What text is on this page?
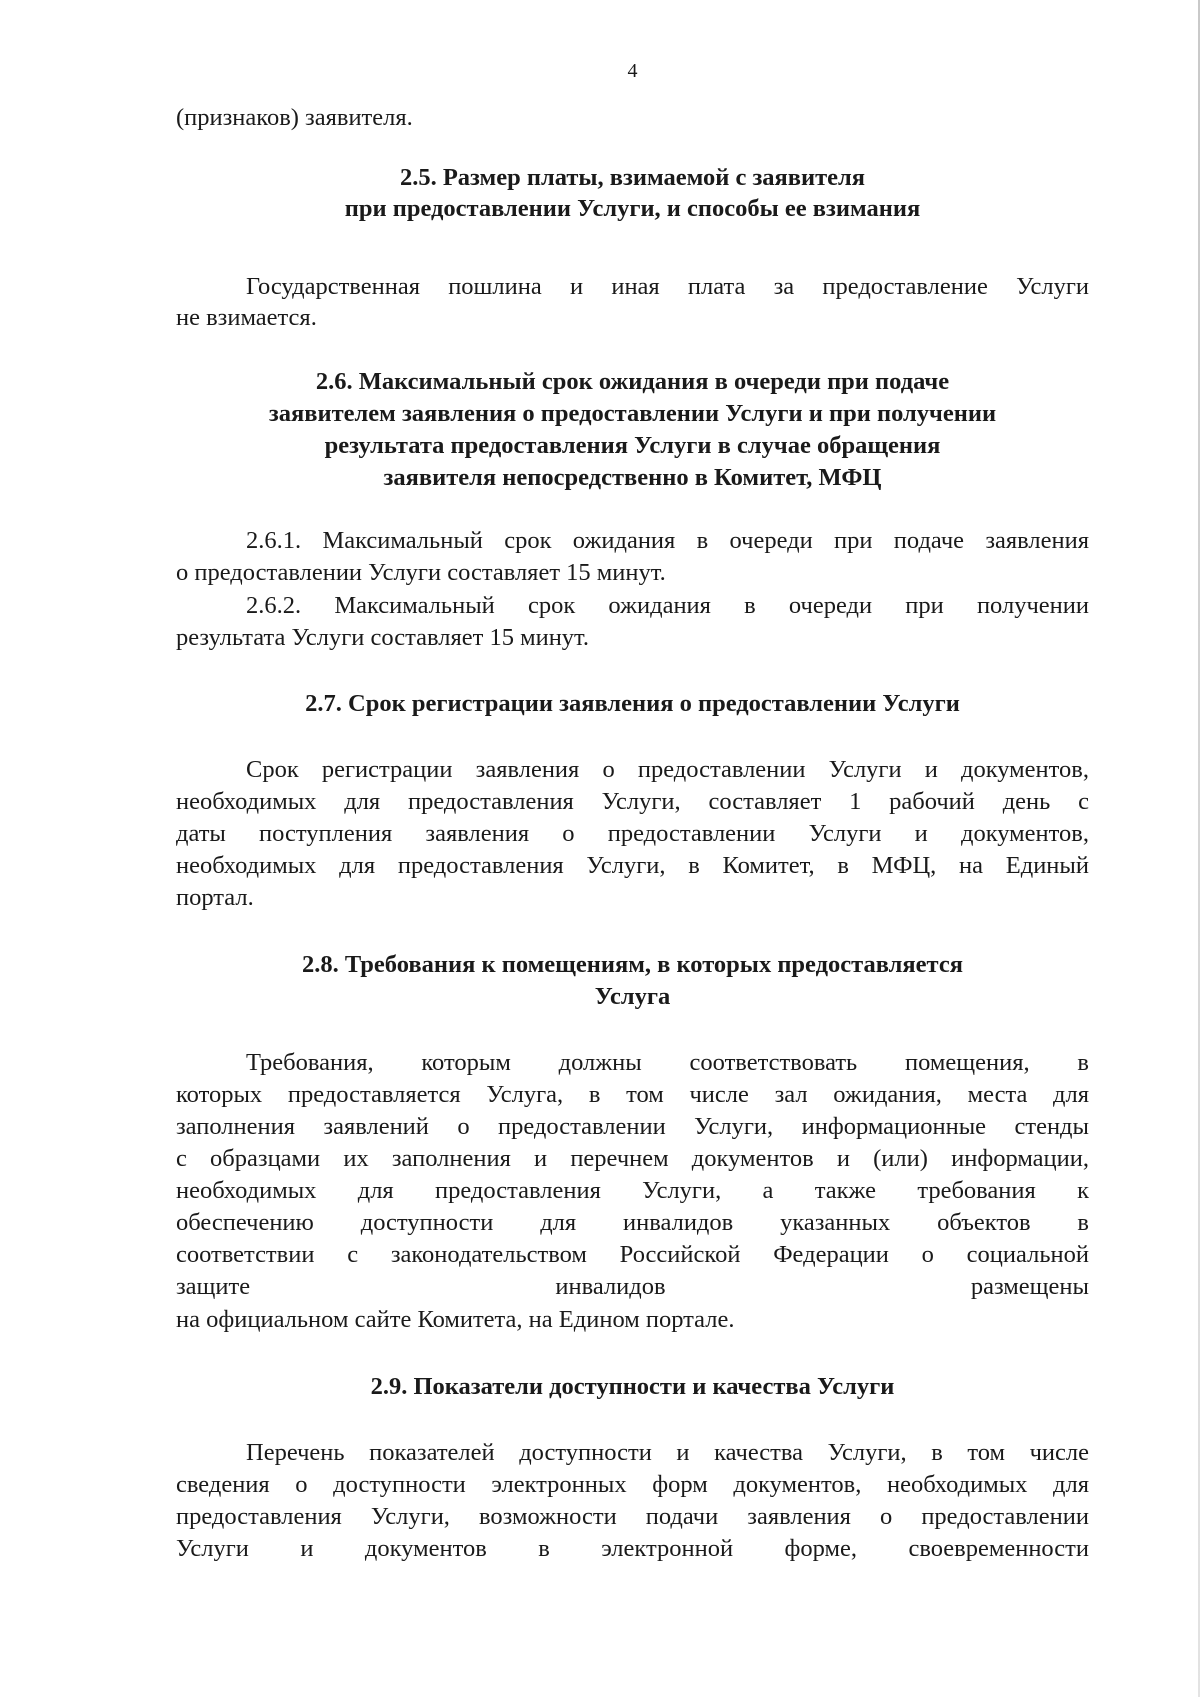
4
(признаков) заявителя.
2.5. Размер платы, взимаемой с заявителя
при предоставлении Услуги, и способы ее взимания
Государственная пошлина и иная плата за предоставление Услуги
не взимается.
2.6. Максимальный срок ожидания в очереди при подаче
заявителем заявления о предоставлении Услуги и при получении
результата предоставления Услуги в случае обращения
заявителя непосредственно в Комитет, МФЦ
2.6.1. Максимальный срок ожидания в очереди при подаче заявления
о предоставлении Услуги составляет 15 минут.
2.6.2. Максимальный срок ожидания в очереди при получении
результата Услуги составляет 15 минут.
2.7. Срок регистрации заявления о предоставлении Услуги
Срок регистрации заявления о предоставлении Услуги и документов,
необходимых для предоставления Услуги, составляет 1 рабочий день с
даты поступления заявления о предоставлении Услуги и документов,
необходимых для предоставления Услуги, в Комитет, в МФЦ, на Единый
портал.
2.8. Требования к помещениям, в которых предоставляется
Услуга
Требования, которым должны соответствовать помещения, в
которых предоставляется Услуга, в том числе зал ожидания, места для
заполнения заявлений о предоставлении Услуги, информационные стенды
с образцами их заполнения и перечнем документов и (или) информации,
необходимых для предоставления Услуги, а также требования к
обеспечению доступности для инвалидов указанных объектов в
соответствии с законодательством Российской Федерации о социальной
защите инвалидов размещены
на официальном сайте Комитета, на Едином портале.
2.9. Показатели доступности и качества Услуги
Перечень показателей доступности и качества Услуги, в том числе
сведения о доступности электронных форм документов, необходимых для
предоставления Услуги, возможности подачи заявления о предоставлении
Услуги и документов в электронной форме, своевременности
